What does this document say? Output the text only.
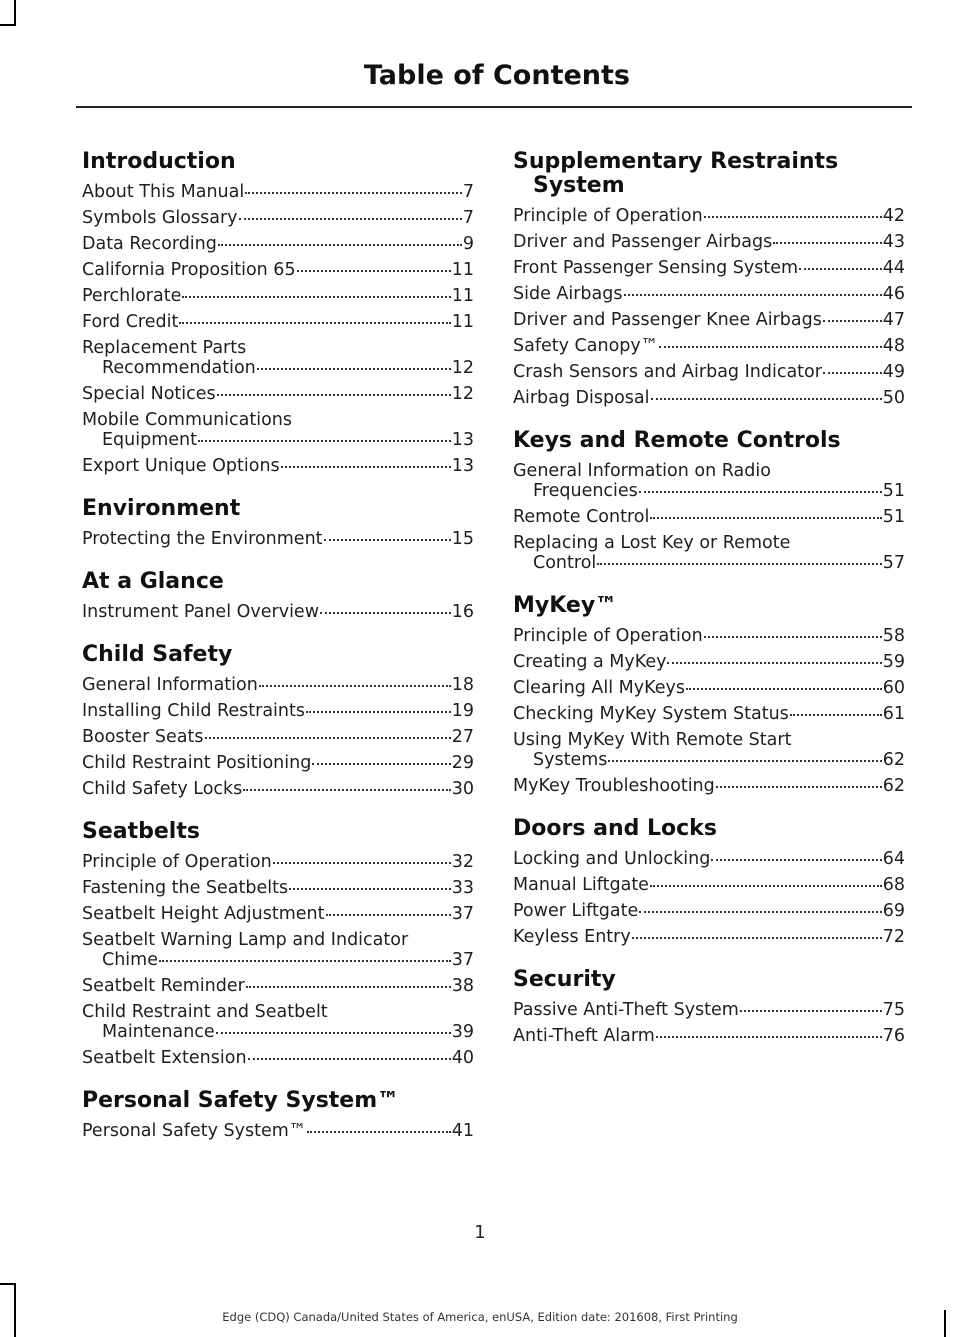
Table of Contents
Introduction
About This Manual	7
Symbols Glossary	7
Data Recording	9
California Proposition 65	11
Perchlorate	11
Ford Credit	11
Replacement Parts
Recommendation	12
Special Notices	12
Mobile Communications
Equipment	13
Export Unique Options	13
Environment
Protecting the Environment	15
At a Glance
Instrument Panel Overview	16
Child Safety
General Information	18
Installing Child Restraints	19
Booster Seats	27
Child Restraint Positioning	29
Child Safety Locks	30
Seatbelts
Principle of Operation	32
Fastening the Seatbelts	33
Seatbelt Height Adjustment	37
Seatbelt Warning Lamp and Indicator
Chime	37
Seatbelt Reminder	38
Child Restraint and Seatbelt
Maintenance	39
Seatbelt Extension	40
Personal Safety System™
Personal Safety System™	41
Supplementary Restraints System
Principle of Operation	42
Driver and Passenger Airbags	43
Front Passenger Sensing System	44
Side Airbags	46
Driver and Passenger Knee Airbags	47
Safety Canopy™	48
Crash Sensors and Airbag Indicator	49
Airbag Disposal	50
Keys and Remote Controls
General Information on Radio
Frequencies	51
Remote Control	51
Replacing a Lost Key or Remote
Control	57
MyKey™
Principle of Operation	58
Creating a MyKey	59
Clearing All MyKeys	60
Checking MyKey System Status	61
Using MyKey With Remote Start
Systems	62
MyKey Troubleshooting	62
Doors and Locks
Locking and Unlocking	64
Manual Liftgate	68
Power Liftgate	69
Keyless Entry	72
Security
Passive Anti-Theft System	75
Anti-Theft Alarm	76
1
Edge (CDQ) Canada/United States of America, enUSA, Edition date: 201608, First Printing
